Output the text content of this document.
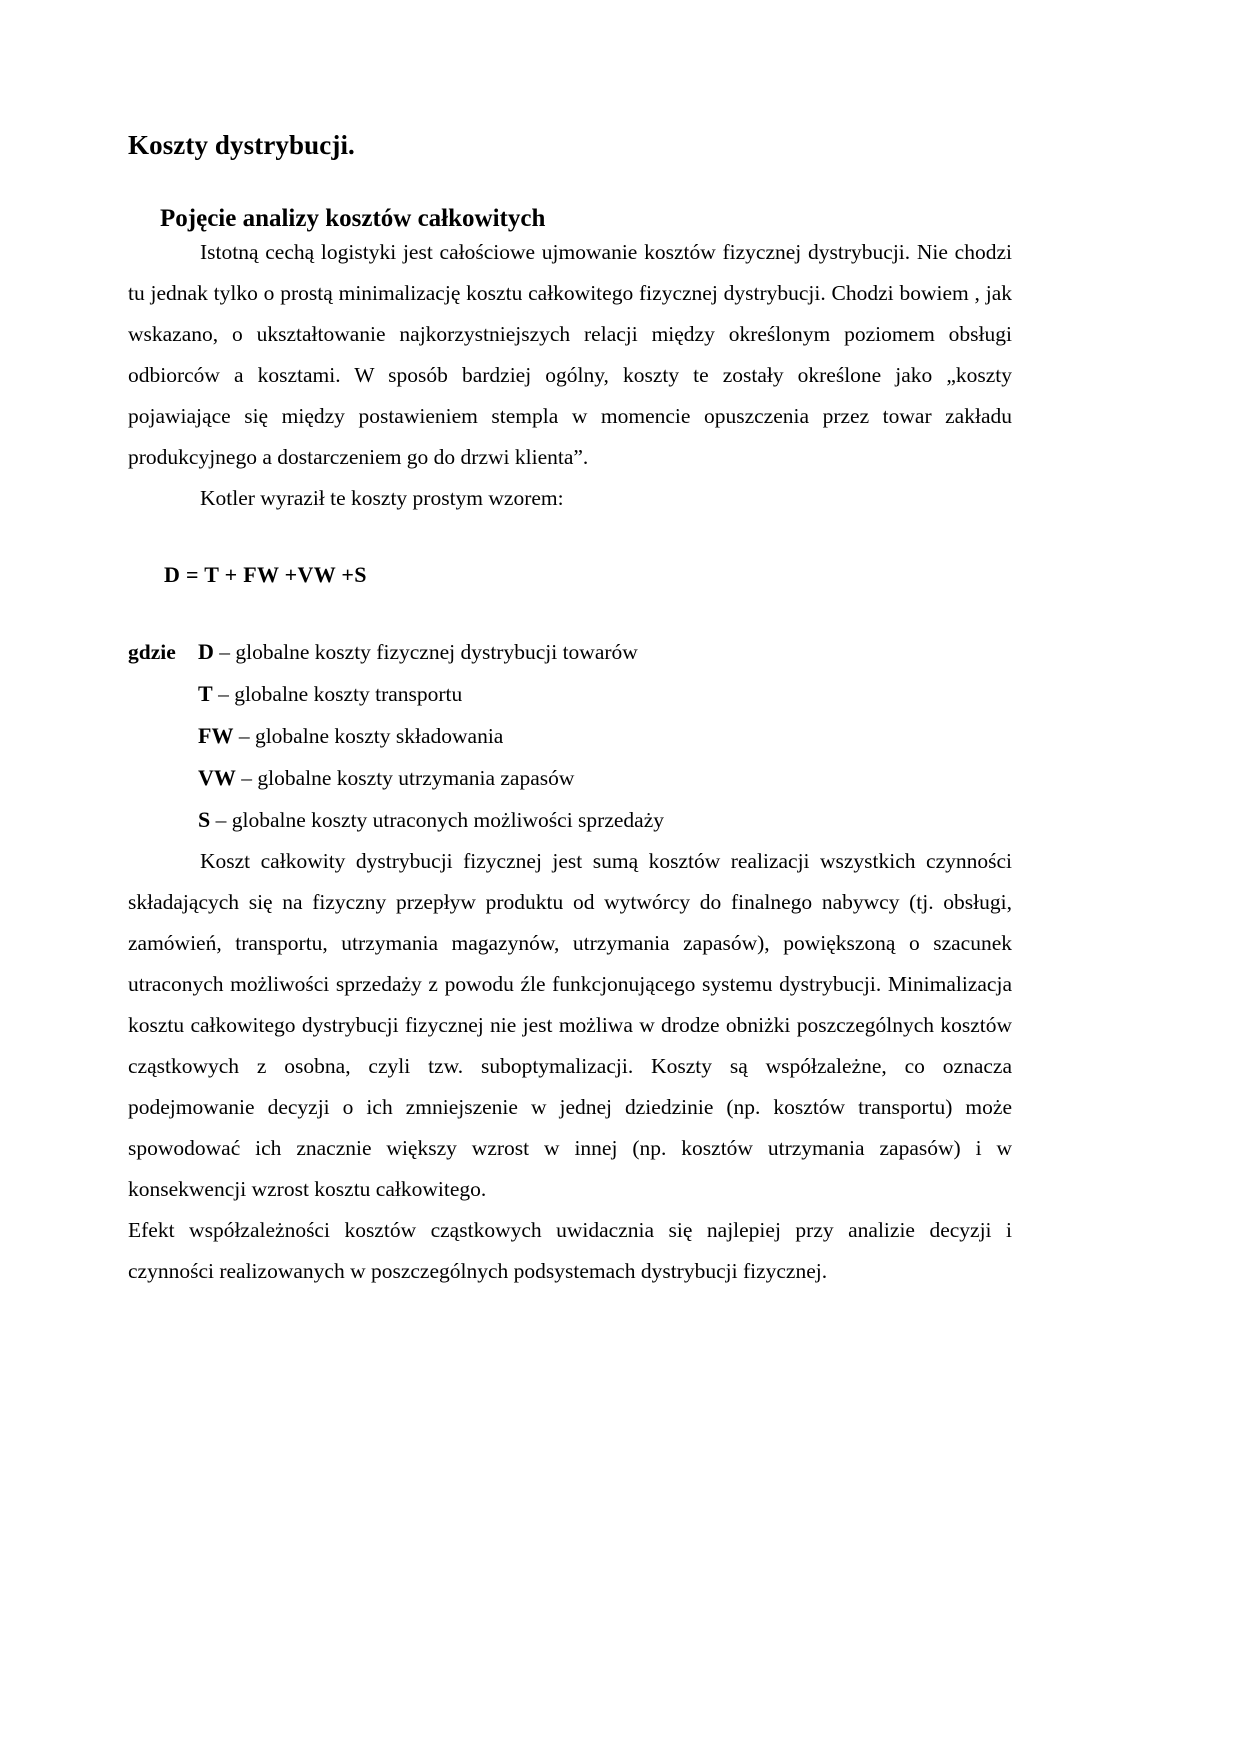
Koszty dystrybucji.
Pojęcie analizy kosztów całkowitych

Istotną cechą logistyki jest całościowe ujmowanie kosztów fizycznej dystrybucji. Nie chodzi tu jednak tylko o prostą minimalizację kosztu całkowitego fizycznej dystrybucji. Chodzi bowiem , jak wskazano, o ukształtowanie najkorzystniejszych relacji między określonym poziomem obsługi odbiorców a kosztami. W sposób bardziej ogólny, koszty te zostały określone jako „koszty pojawiające się między postawieniem stempla w momencie opuszczenia przez towar zakładu produkcyjnego a dostarczeniem go do drzwi klienta”.

Kotler wyraził te koszty prostym wzorem:

D = T + FW +VW +S

gdzie D – globalne koszty fizycznej dystrybucji towarów
T – globalne koszty transportu
FW – globalne koszty składowania
VW – globalne koszty utrzymania zapasów
S – globalne koszty utraconych możliwości sprzedaży

Koszt całkowity dystrybucji fizycznej jest sumą kosztów realizacji wszystkich czynności składających się na fizyczny przepływ produktu od wytwórcy do finalnego nabywcy (tj. obsługi, zamówień, transportu, utrzymania magazynów, utrzymania zapasów), powiększoną o szacunek utraconych możliwości sprzedaży z powodu źle funkcjonującego systemu dystrybucji. Minimalizacja kosztu całkowitego dystrybucji fizycznej nie jest możliwa w drodze obniżki poszczególnych kosztów cząstkowych z osobna, czyli tzw. suboptymalizacji. Koszty są współzależne, co oznacza podejmowanie decyzji o ich zmniejszenie w jednej dziedzinie (np. kosztów transportu) może spowodować ich znacznie większy wzrost w innej (np. kosztów utrzymania zapasów) i w konsekwencji wzrost kosztu całkowitego.

Efekt współzależności kosztów cząstkowych uwidacznia się najlepiej przy analizie decyzji i czynności realizowanych w poszczególnych podsystemach dystrybucji fizycznej.
